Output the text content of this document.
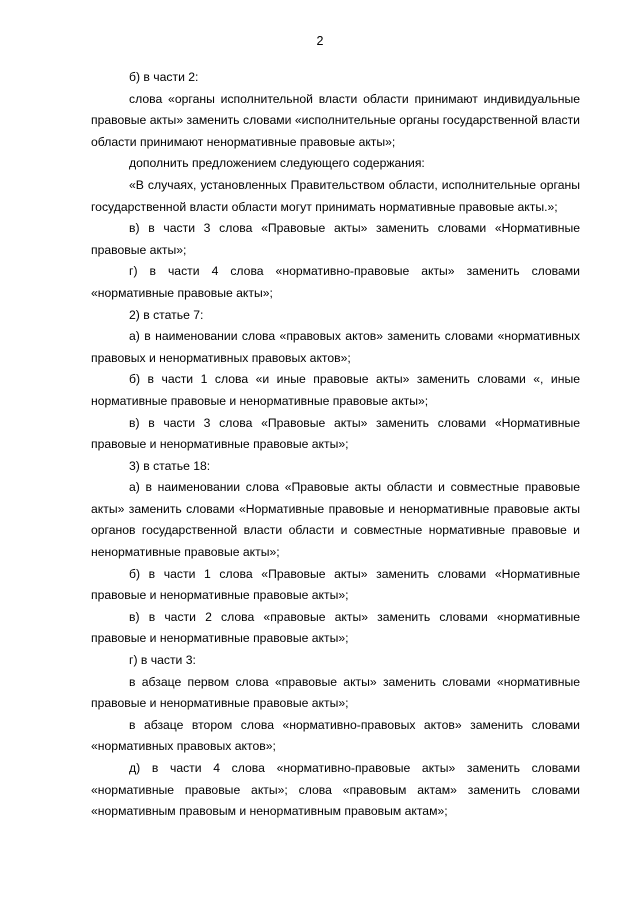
2

б) в части 2:

слова «органы исполнительной власти области принимают индивидуальные правовые акты» заменить словами «исполнительные органы государственной власти области принимают ненормативные правовые акты»;

дополнить предложением следующего содержания:

«В случаях, установленных Правительством области, исполнительные органы государственной власти области могут принимать нормативные правовые акты.»;

в) в части 3 слова «Правовые акты» заменить словами «Нормативные правовые акты»;

г) в части 4 слова «нормативно-правовые акты» заменить словами «нормативные правовые акты»;

2) в статье 7:

а) в наименовании слова «правовых актов» заменить словами «нормативных правовых и ненормативных правовых актов»;

б) в части 1 слова «и иные правовые акты» заменить словами «, иные нормативные правовые и ненормативные правовые акты»;

в) в части 3 слова «Правовые акты» заменить словами «Нормативные правовые и ненормативные правовые акты»;

3) в статье 18:

а) в наименовании слова «Правовые акты области и совместные правовые акты» заменить словами «Нормативные правовые и ненормативные правовые акты органов государственной власти области и совместные нормативные правовые и ненормативные правовые акты»;

б) в части 1 слова «Правовые акты» заменить словами «Нормативные правовые и ненормативные правовые акты»;

в) в части 2 слова «правовые акты» заменить словами «нормативные правовые и ненормативные правовые акты»;

г) в части 3:

в абзаце первом слова «правовые акты» заменить словами «нормативные правовые и ненормативные правовые акты»;

в абзаце втором слова «нормативно-правовых актов» заменить словами «нормативных правовых актов»;

д) в части 4 слова «нормативно-правовые акты» заменить словами «нормативные правовые акты»; слова «правовым актам» заменить словами «нормативным правовым и ненормативным правовым актам»;
